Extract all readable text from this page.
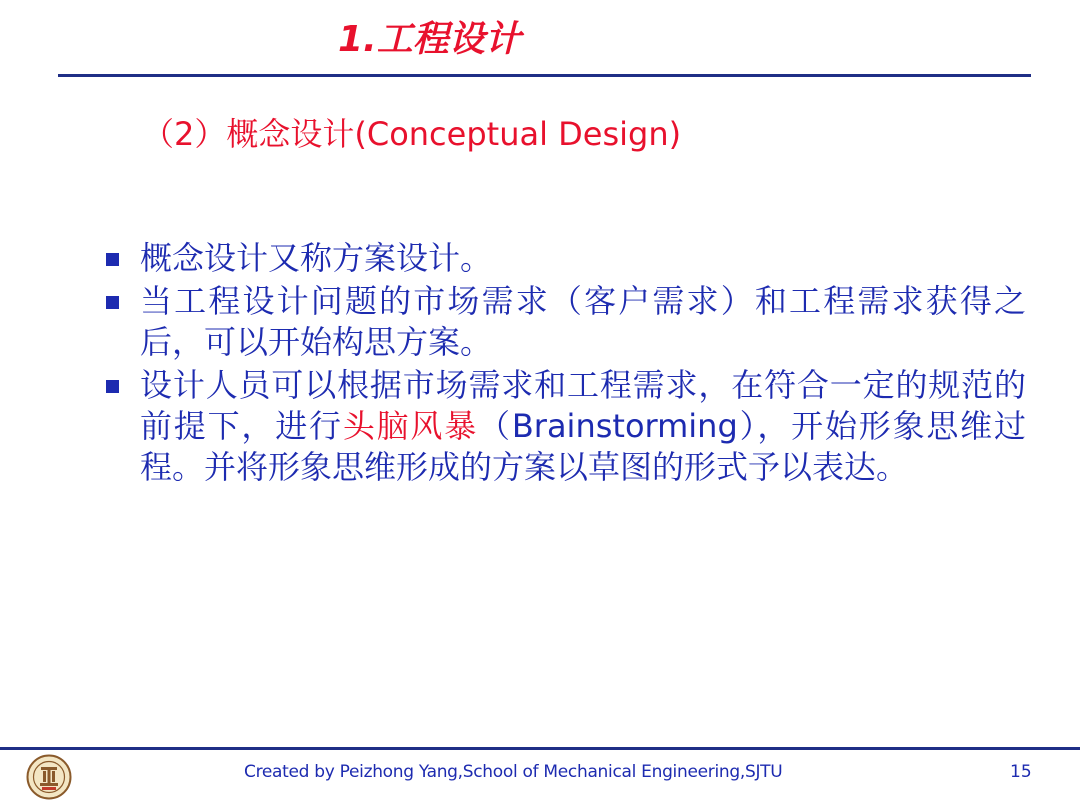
1.工程设计
（2）概念设计(Conceptual Design)
概念设计又称方案设计。
当工程设计问题的市场需求（客户需求）和工程需求获得之后，可以开始构思方案。
设计人员可以根据市场需求和工程需求，在符合一定的规范的前提下，进行头脑风暴（Brainstorming），开始形象思维过程。并将形象思维形成的方案以草图的形式予以表达。
Created by Peizhong Yang,School of Mechanical Engineering,SJTU	15
